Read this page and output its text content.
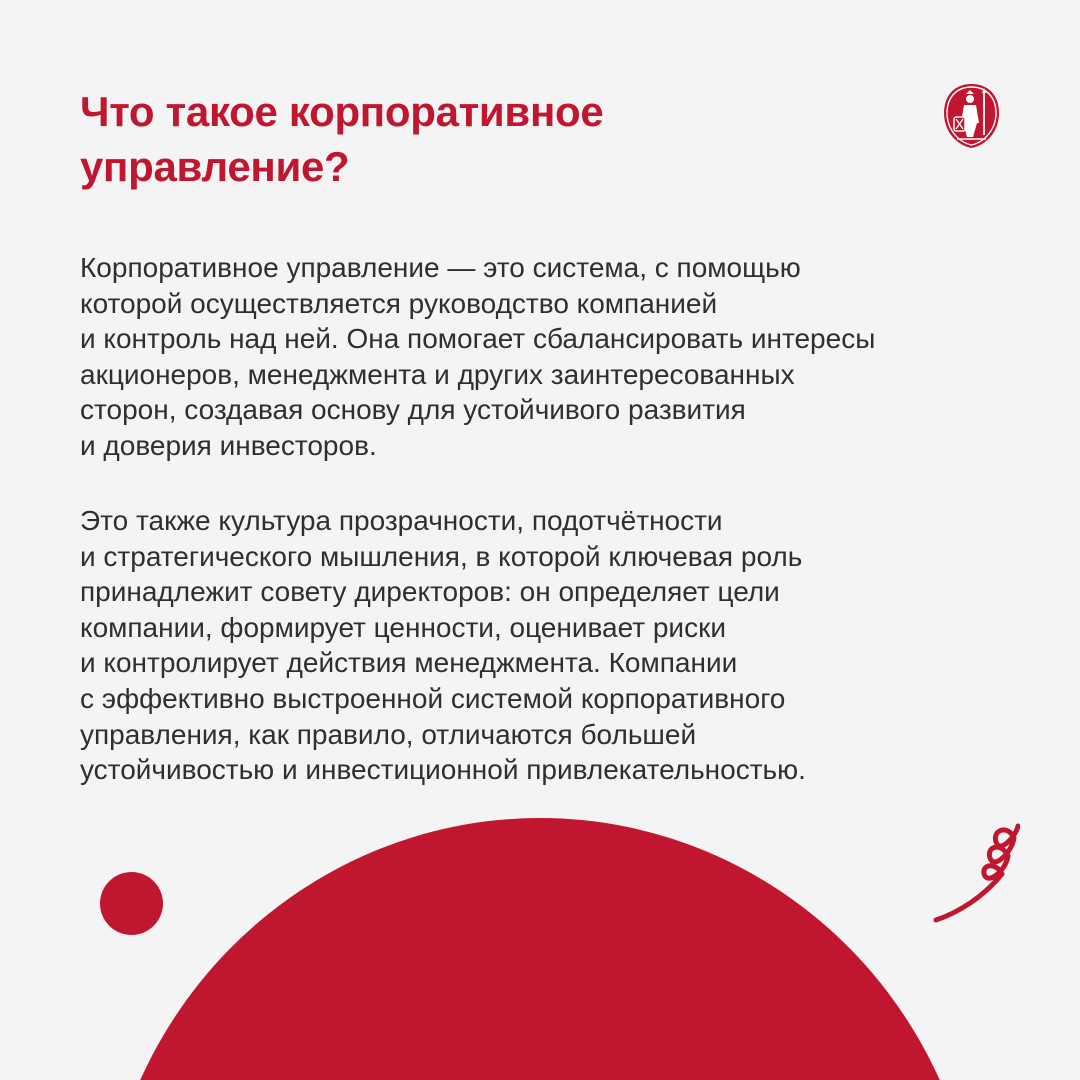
Что такое корпоративное
управление?

Корпоративное управление — это система, с помощью
которой осуществляется руководство компанией
и контроль над ней. Она помогает сбалансировать интересы
акционеров, менеджмента и других заинтересованных
сторон, создавая основу для устойчивого развития
и доверия инвесторов.

Это также культура прозрачности, подотчётности
и стратегического мышления, в которой ключевая роль
принадлежит совету директоров: он определяет цели
компании, формирует ценности, оценивает риски
и контролирует действия менеджмента. Компании
с эффективно выстроенной системой корпоративного
управления, как правило, отличаются большей
устойчивостью и инвестиционной привлекательностью.
